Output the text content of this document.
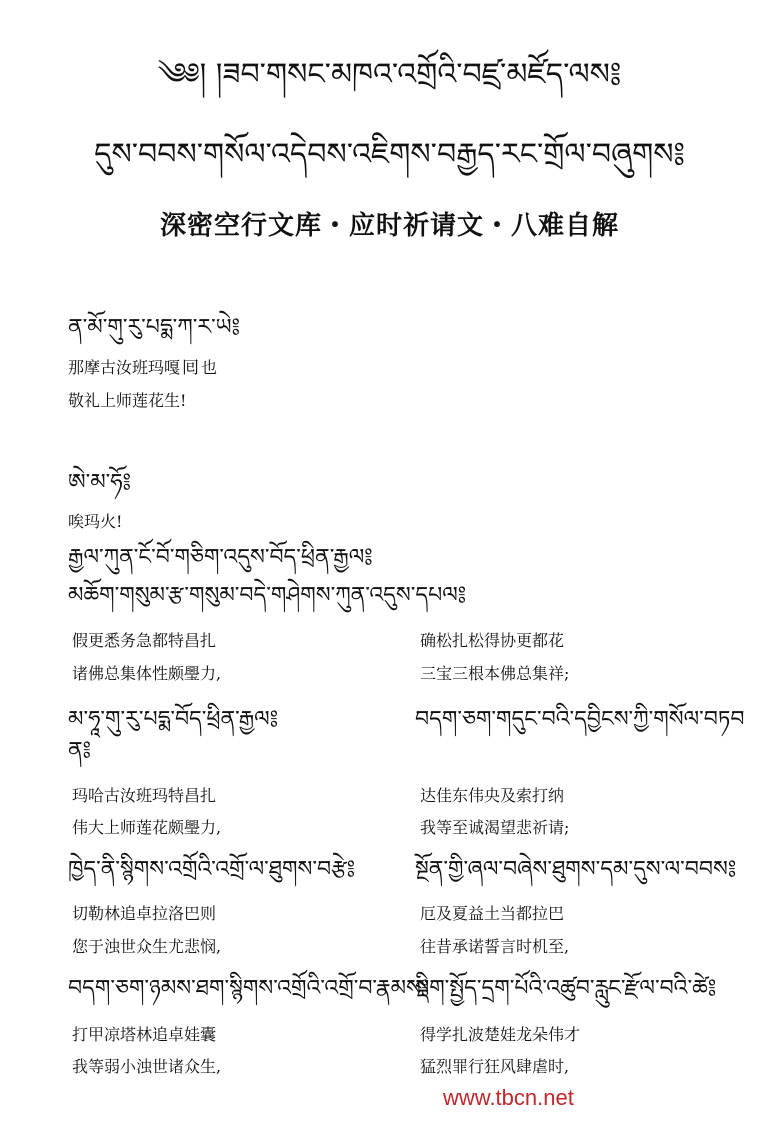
༄༅། །ཟབ་གསང་མཁའ་འགྲོའི་བཛྲ་མཛོད་ལས༔
དུས་བབས་གསོལ་འདེབས་འཇིགས་བརྒྱད་རང་གྲོལ་བཞུགས༔
深密空行文库・应时祈请文・八难自解
ན་མོ་གུ་རུ་པདྨ་ཀ་ར་ཡེ༔
那摩古汝班玛嘎 囘 也
敬礼上师莲花生!
ཨེ་མ་ཧོ༔
唉玛火!
རྒྱལ་ཀུན་ངོ་བོ་གཅིག་འདུས་བོད་ཕྲིན་རྒྱལ༔
མཆོག་གསུམ་རྩ་གསུམ་བདེ་གཤེགས་ཀུན་འདུས་དཔལ༔
假更悉务急都特昌扎
诸佛总集体性颇璺力,
确松扎松得协更都花
三宝三根本佛总集祥;
མ་ཧཱ་གུ་རུ་པདྨ་བོད་ཕྲིན་རྒྱལ༔
ན༔
བདག་ཅག་གདུང་བའི་དབྱིངས་ཀྱི་གསོལ་བཏབ
玛哈古汝班玛特昌扎
伟大上师莲花颇璺力,
达佳东伟央及索打纳
我等至诚渴望悲祈请;
ཁྱེད་ནི་སྙིགས་འགྲོའི་འགྲོ་ལ་ཐུགས་བརྩེ༔	སྔོན་གྱི་ཞལ་བཞེས་ཐུགས་དམ་དུས་ལ་བབས༔
切勒林追卓拉洛巴则
您于浊世众生尤悲悯,
厄及夏益土当都拉巴
往昔承诺誓言时机至,
བདག་ཅག་ཉམས་ཐག་སྙིགས་འགྲོའི་འགྲོ་བ་རྣམས༔
སྡིག་སྤྱོད་དྲག་པོའི་འཚུབ་རླུང་རྫོལ་བའི་ཚེ༔
打甲凉塔林追卓娃囊
我等弱小浊世诸众生,
得学扎波楚娃龙朵伟才
猛烈罪行狂风肆虐时,
www.tbcn.net
